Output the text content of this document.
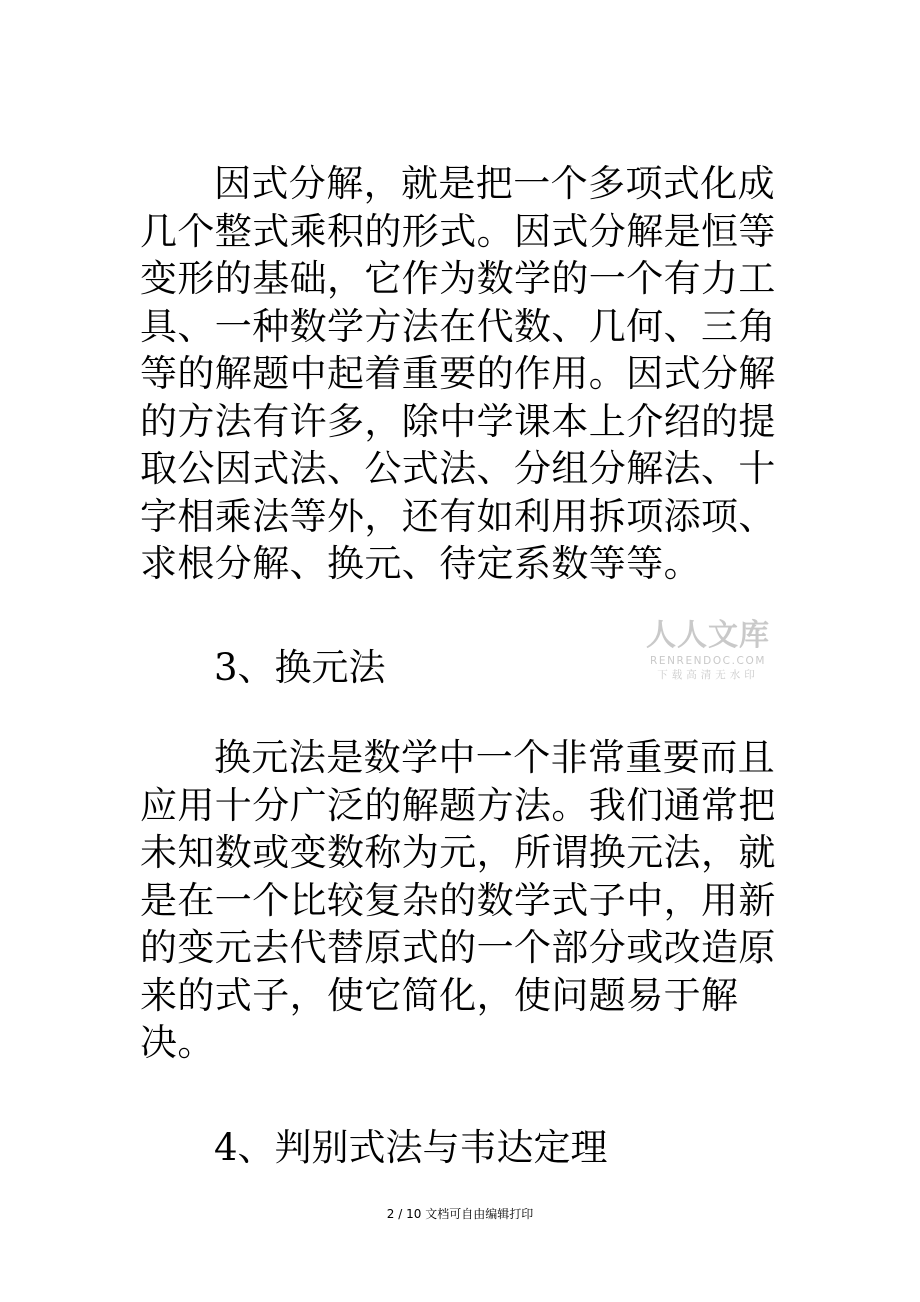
因式分解，就是把一个多项式化成几个整式乘积的形式。因式分解是恒等变形的基础，它作为数学的一个有力工具、一种数学方法在代数、几何、三角等的解题中起着重要的作用。因式分解的方法有许多，除中学课本上介绍的提取公因式法、公式法、分组分解法、十字相乘法等外，还有如利用拆项添项、求根分解、换元、待定系数等等。

3、换元法

人人文库
RENRENDOC.COM
下载高清无水印

换元法是数学中一个非常重要而且应用十分广泛的解题方法。我们通常把未知数或变数称为元，所谓换元法，就是在一个比较复杂的数学式子中，用新的变元去代替原式的一个部分或改造原来的式子，使它简化，使问题易于解决。

4、判别式法与韦达定理

2 / 10 文档可自由编辑打印
